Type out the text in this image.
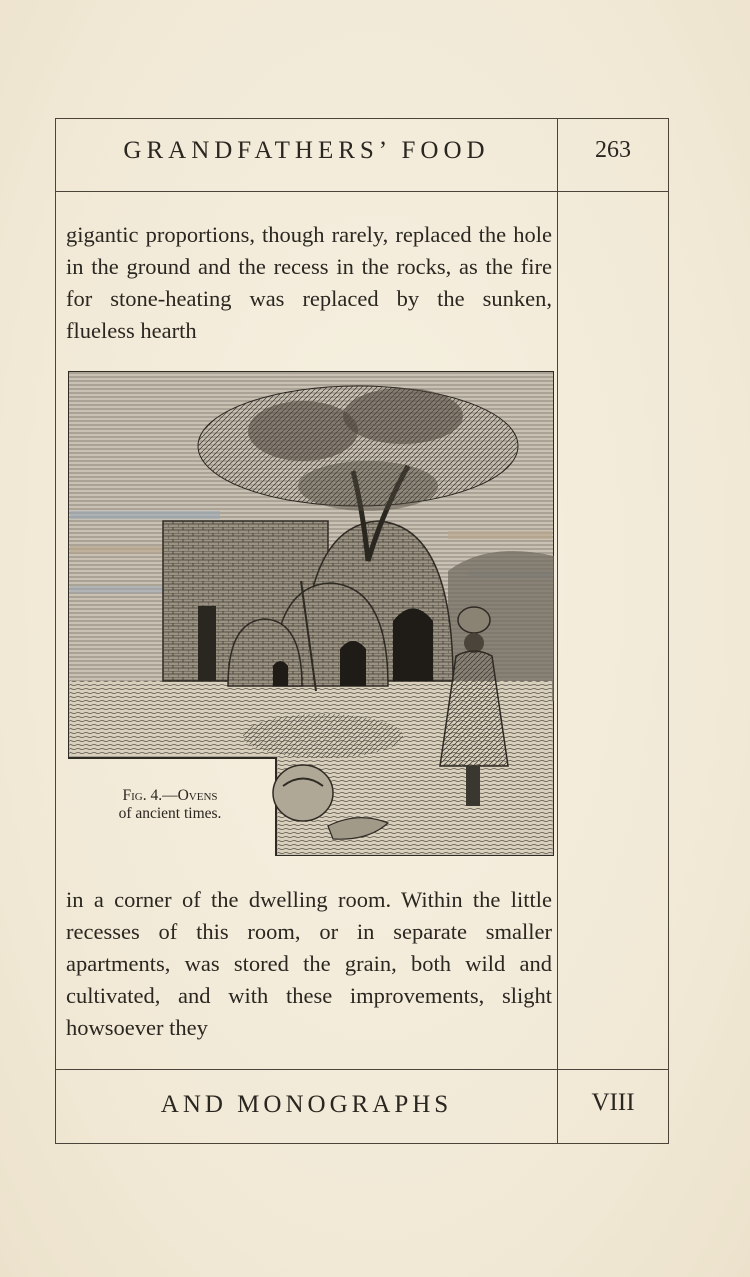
GRANDFATHERS’ FOOD	263

gigantic proportions, though rarely, replaced the hole in the ground and the recess in the rocks, as the fire for stone-heating was replaced by the sunken, flueless hearth

Fig. 4.—Ovens
of ancient times.

in a corner of the dwelling room. Within the little recesses of this room, or in separate smaller apartments, was stored the grain, both wild and cultivated, and with these improvements, slight howsoever they

AND MONOGRAPHS	VIII
